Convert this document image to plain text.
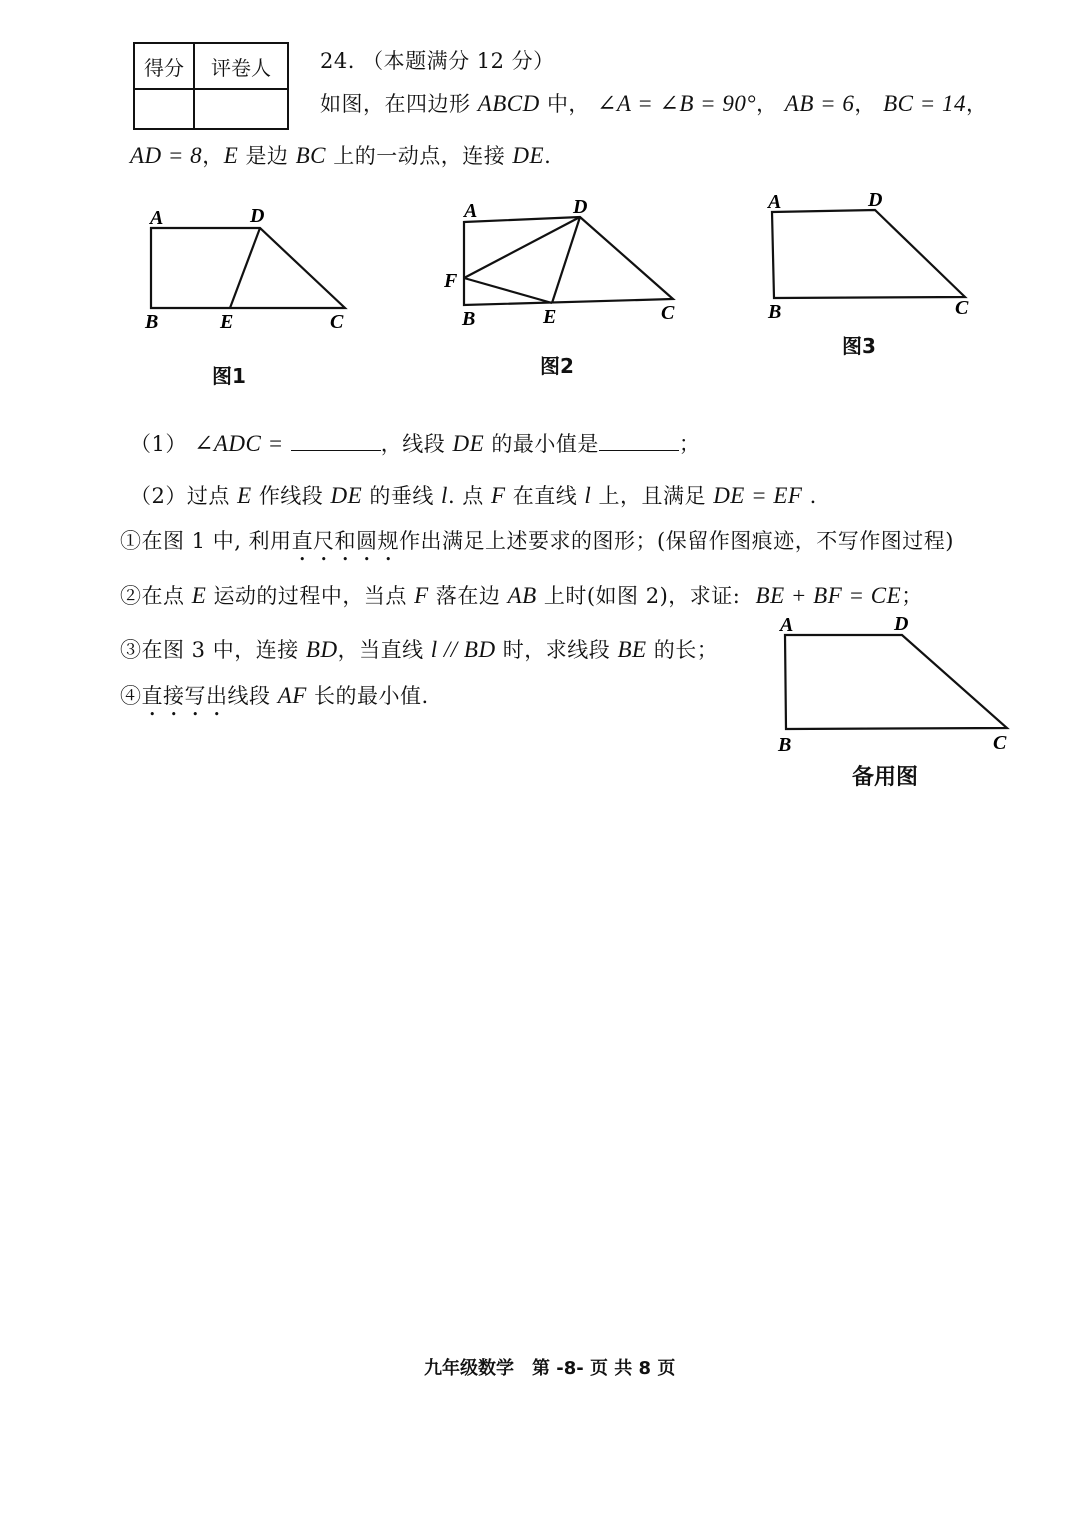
得分	评卷人
	24. （本题满分 12 分）
如图，在四边形 ABCD 中， ∠A = ∠B = 90°， AB = 6， BC = 14，
AD = 8，E 是边 BC 上的一动点，连接 DE.
A	D
B	E	C
图1
A	D
F
B	E	C
图2
A	D
B	C
图3
（1） ∠ADC =	，线段 DE 的最小值是	；
（2）过点 E 作线段 DE 的垂线 l. 点 F 在直线 l 上，且满足 DE = EF .
①在图 1 中, 利用直尺和圆规作出满足上述要求的图形；(保留作图痕迹，不写作图过程)
②在点 E 运动的过程中，当点 F 落在边 AB 上时(如图 2)，求证: BE + BF = CE；
③在图 3 中，连接 BD，当直线 l // BD 时，求线段 BE 的长；
④直接写出线段 AF 长的最小值.
A	D
B	C
备用图
九年级数学　第 -8- 页 共 8 页
